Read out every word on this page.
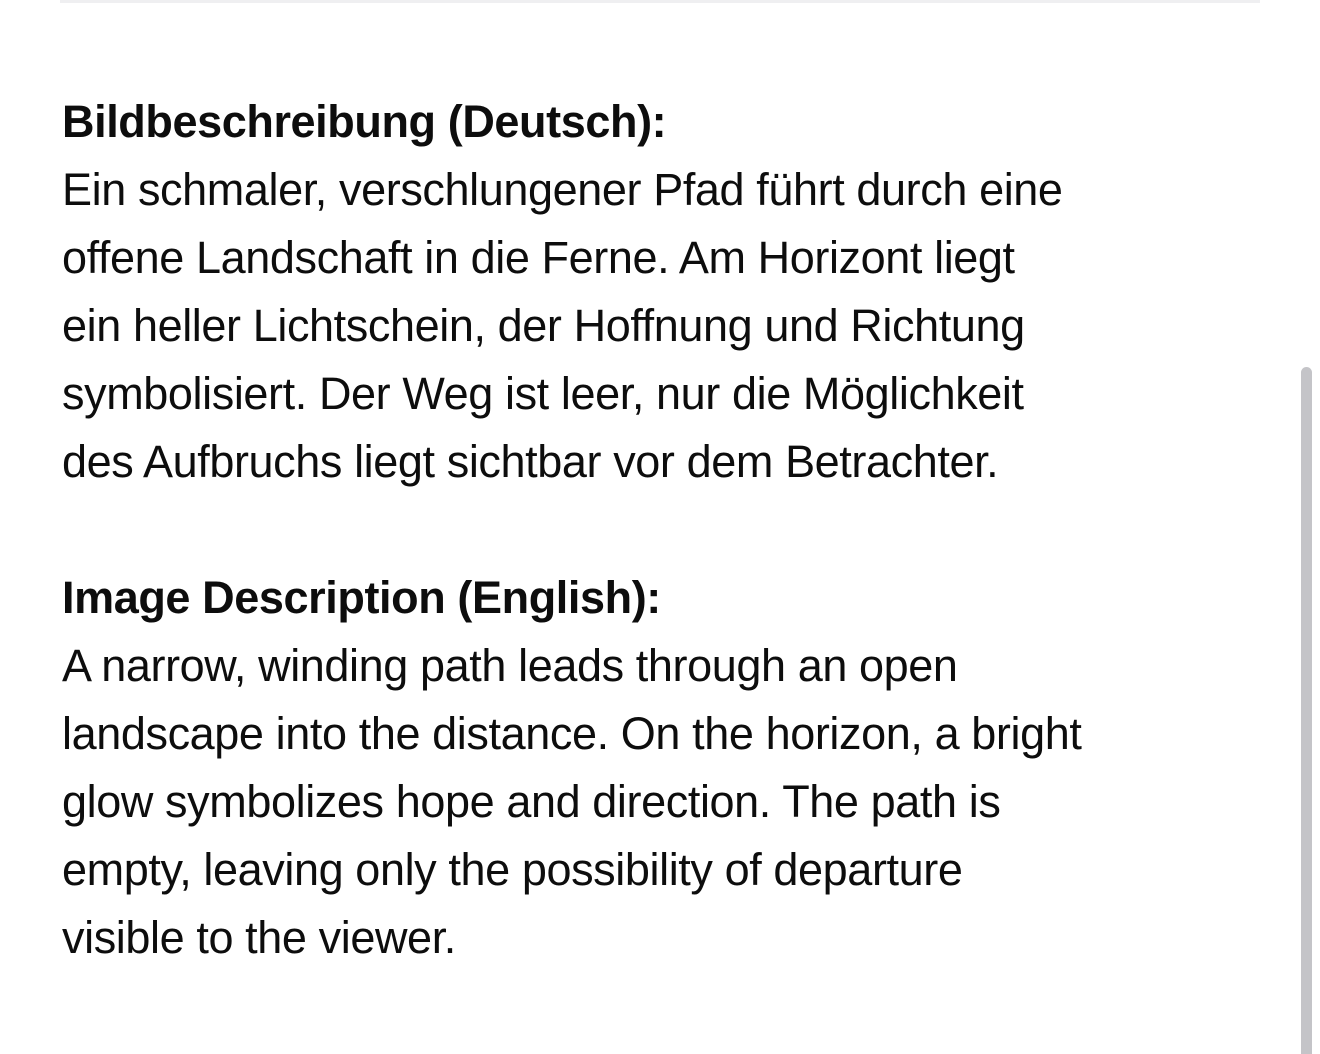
Bildbeschreibung (Deutsch):
Ein schmaler, verschlungener Pfad führt durch eine
offene Landschaft in die Ferne. Am Horizont liegt
ein heller Lichtschein, der Hoffnung und Richtung
symbolisiert. Der Weg ist leer, nur die Möglichkeit
des Aufbruchs liegt sichtbar vor dem Betrachter.
Image Description (English):
A narrow, winding path leads through an open
landscape into the distance. On the horizon, a bright
glow symbolizes hope and direction. The path is
empty, leaving only the possibility of departure
visible to the viewer.
